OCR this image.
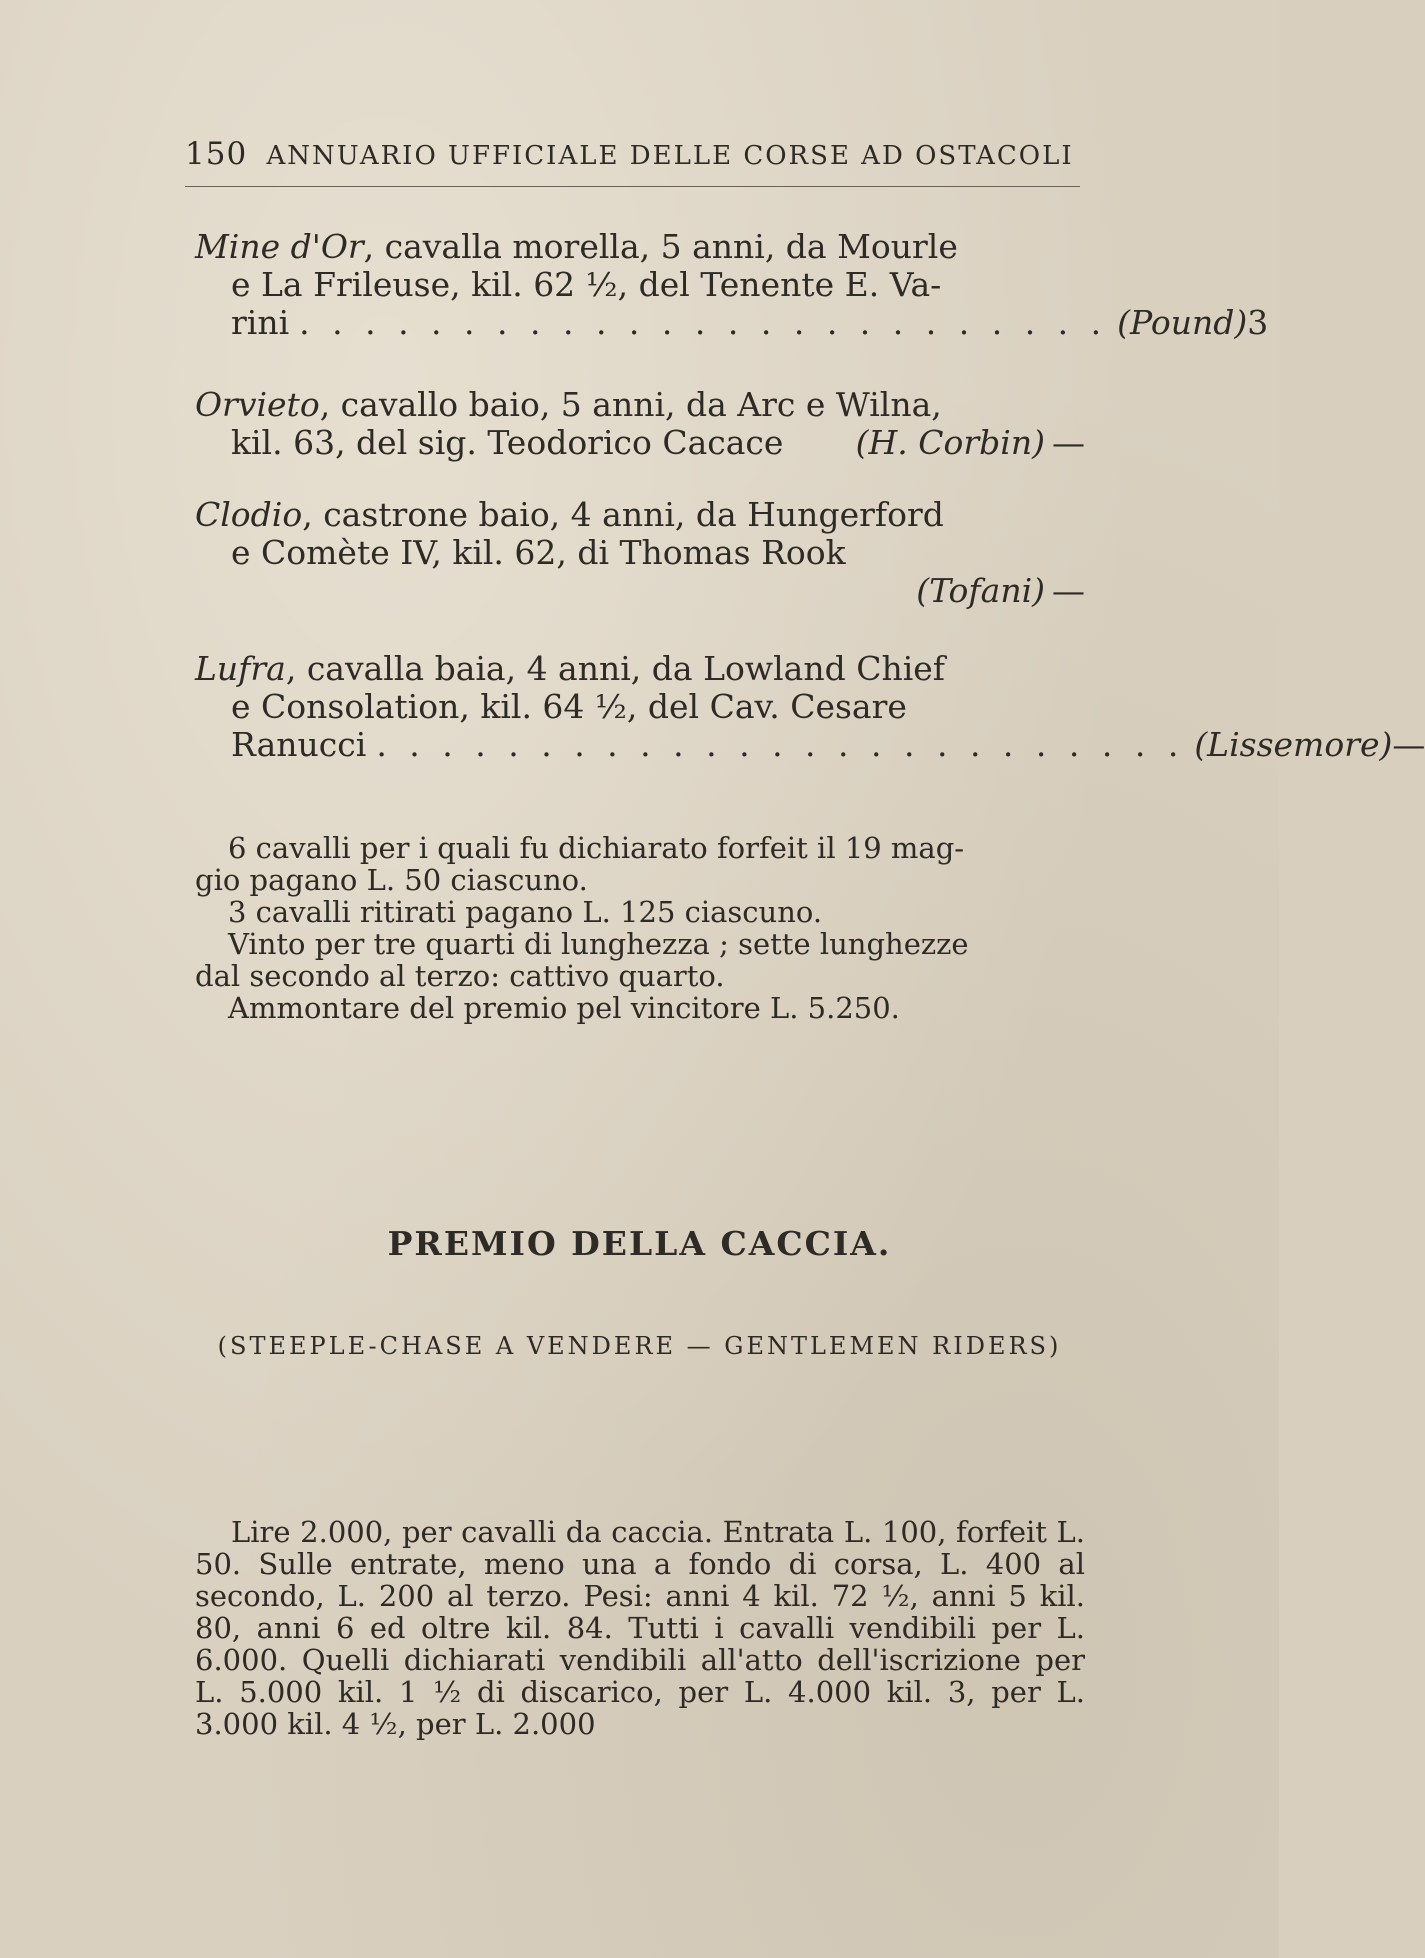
150 ANNUARIO UFFICIALE DELLE CORSE AD OSTACOLI
Mine d'Or, cavalla morella, 5 anni, da Mourle
e La Frileuse, kil. 62 ½, del Tenente E. Va-
rini . . . . . . . . . . . . . . . . . . . . . . . . . (Pound) 3
Orvieto, cavallo baio, 5 anni, da Arc e Wilna,
kil. 63, del sig. Teodorico Cacace (H. Corbin) —
Clodio, castrone baio, 4 anni, da Hungerford
e Comète IV, kil. 62, di Thomas Rook
(Tofani) —
Lufra, cavalla baia, 4 anni, da Lowland Chief
e Consolation, kil. 64 ½, del Cav. Cesare
Ranucci . . . . . . . . . . . . . . . . . . . . . . . . . (Lissemore) —
6 cavalli per i quali fu dichiarato forfeit il 19 mag-
gio pagano L. 50 ciascuno.
3 cavalli ritirati pagano L. 125 ciascuno.
Vinto per tre quarti di lunghezza ; sette lunghezze
dal secondo al terzo: cattivo quarto.
Ammontare del premio pel vincitore L. 5.250.
PREMIO DELLA CACCIA.
(STEEPLE-CHASE A VENDERE — GENTLEMEN RIDERS)
Lire 2.000, per cavalli da caccia. Entrata L. 100, forfeit L. 50. Sulle entrate, meno una a fondo di corsa, L. 400 al secondo, L. 200 al terzo. Pesi: anni 4 kil. 72 ½, anni 5 kil. 80, anni 6 ed oltre kil. 84. Tutti i cavalli vendibili per L. 6.000. Quelli dichiarati vendibili all'atto dell'iscrizione per L. 5.000 kil. 1 ½ di discarico, per L. 4.000 kil. 3, per L. 3.000 kil. 4 ½, per L. 2.000
